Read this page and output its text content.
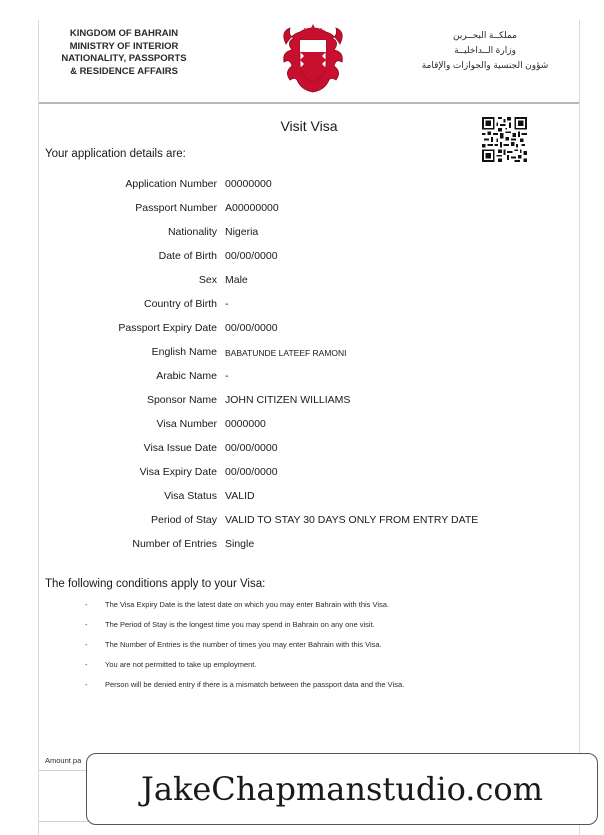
KINGDOM OF BAHRAIN
MINISTRY OF INTERIOR
NATIONALITY, PASSPORTS
& RESIDENCE AFFAIRS
مملكــة البحــرين
وزارة الــداخليــة
شؤون الجنسية والجوازات والإقامة
Visit Visa
Your application details are:
Application Number 00000000
Passport Number A00000000
Nationality Nigeria
Date of Birth 00/00/0000
Sex Male
Country of Birth -
Passport Expiry Date 00/00/0000
English Name BABATUNDE LATEEF RAMONI
Arabic Name -
Sponsor Name JOHN CITIZEN WILLIAMS
Visa Number 0000000
Visa Issue Date 00/00/0000
Visa Expiry Date 00/00/0000
Visa Status VALID
Period of Stay VALID TO STAY 30 DAYS ONLY FROM ENTRY DATE
Number of Entries Single
The following conditions apply to your Visa:
- The Visa Expiry Date is the latest date on which you may enter Bahrain with this Visa.
- The Period of Stay is the longest time you may spend in Bahrain on any one visit.
- The Number of Entries is the number of times you may enter Bahrain with this Visa.
- You are not permitted to take up employment.
- Person will be denied entry if there is a mismatch between the passport data and the Visa.
Amount pa
JakeChapmanstudio.com
